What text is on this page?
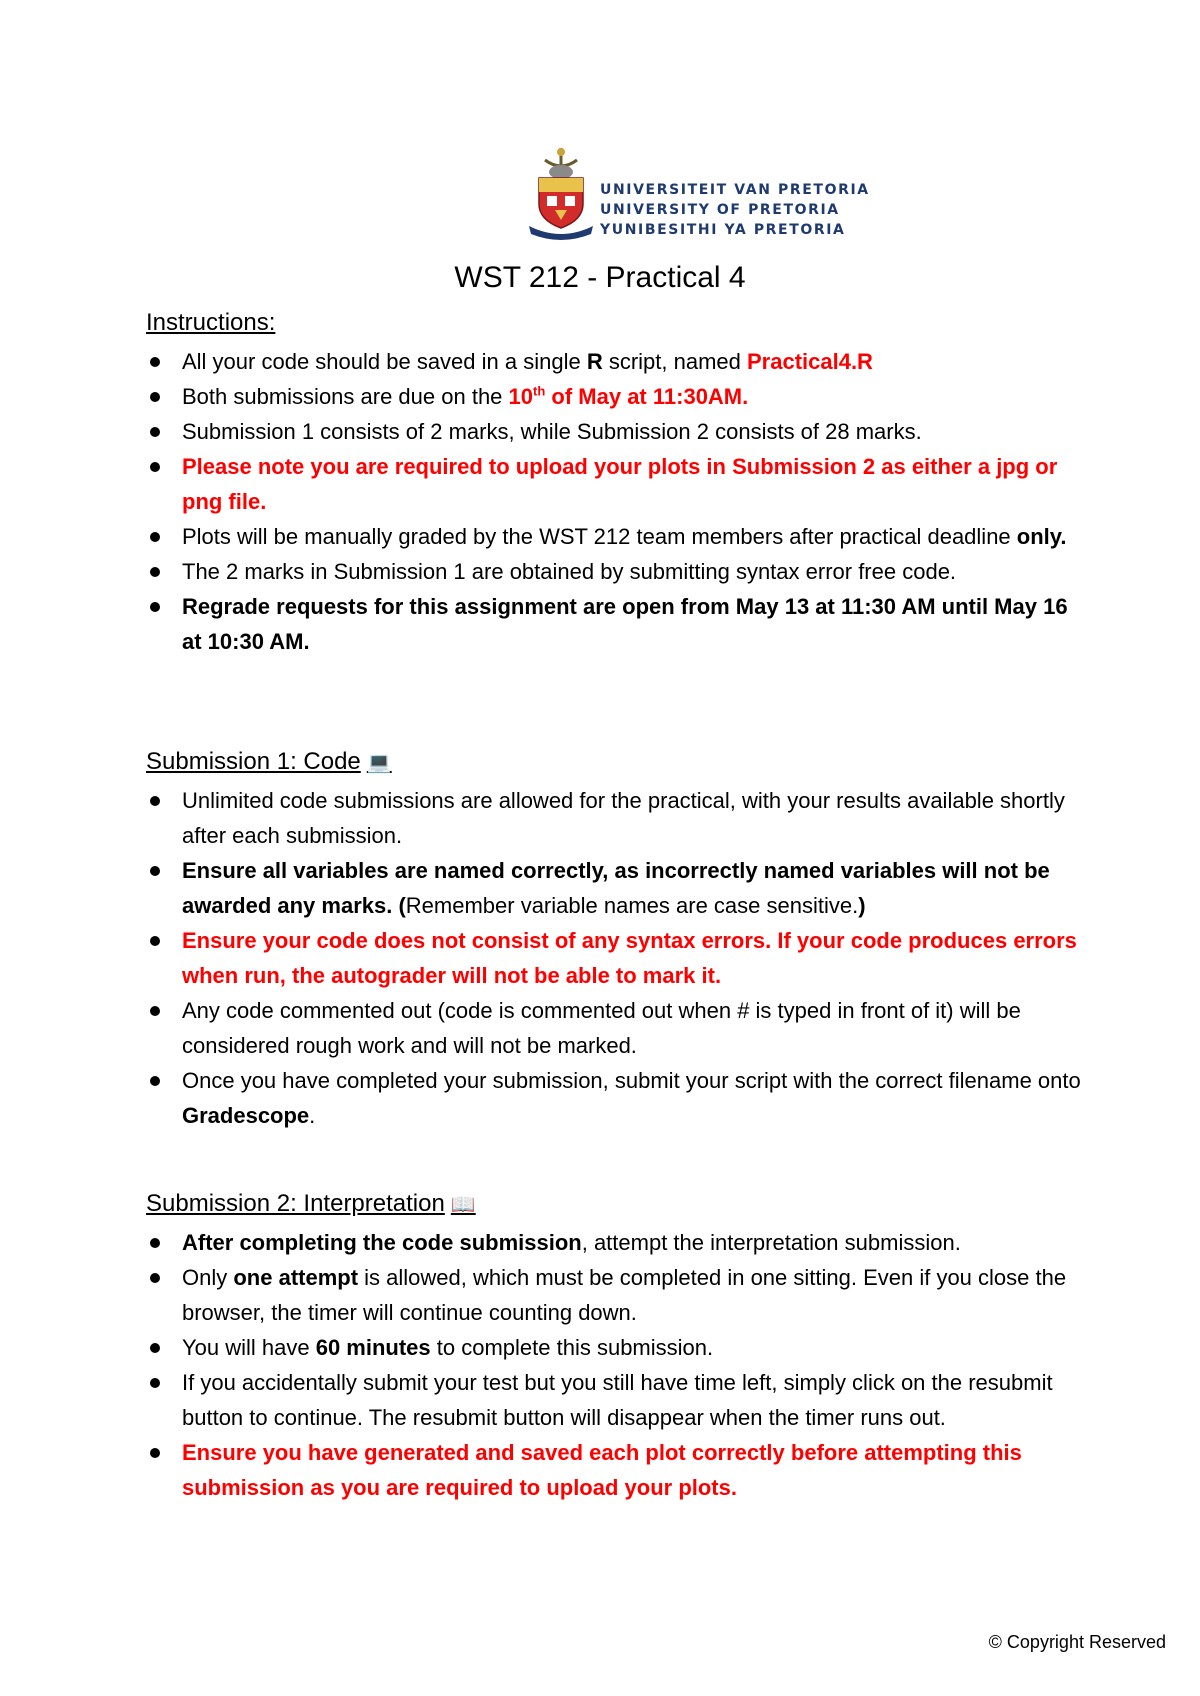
UNIVERSITEIT VAN PRETORIA
UNIVERSITY OF PRETORIA
YUNIBESITHI YA PRETORIA
WST 212 - Practical 4
Instructions:
All your code should be saved in a single R script, named Practical4.R
Both submissions are due on the 10th of May at 11:30AM.
Submission 1 consists of 2 marks, while Submission 2 consists of 28 marks.
Please note you are required to upload your plots in Submission 2 as either a jpg or png file.
Plots will be manually graded by the WST 212 team members after practical deadline only.
The 2 marks in Submission 1 are obtained by submitting syntax error free code.
Regrade requests for this assignment are open from May 13 at 11:30 AM until May 16 at 10:30 AM.
Submission 1: Code 💻
Unlimited code submissions are allowed for the practical, with your results available shortly after each submission.
Ensure all variables are named correctly, as incorrectly named variables will not be awarded any marks. (Remember variable names are case sensitive.)
Ensure your code does not consist of any syntax errors. If your code produces errors when run, the autograder will not be able to mark it.
Any code commented out (code is commented out when # is typed in front of it) will be considered rough work and will not be marked.
Once you have completed your submission, submit your script with the correct filename onto Gradescope.
Submission 2: Interpretation 📖
After completing the code submission, attempt the interpretation submission.
Only one attempt is allowed, which must be completed in one sitting. Even if you close the browser, the timer will continue counting down.
You will have 60 minutes to complete this submission.
If you accidentally submit your test but you still have time left, simply click on the resubmit button to continue. The resubmit button will disappear when the timer runs out.
Ensure you have generated and saved each plot correctly before attempting this submission as you are required to upload your plots.
© Copyright Reserved
